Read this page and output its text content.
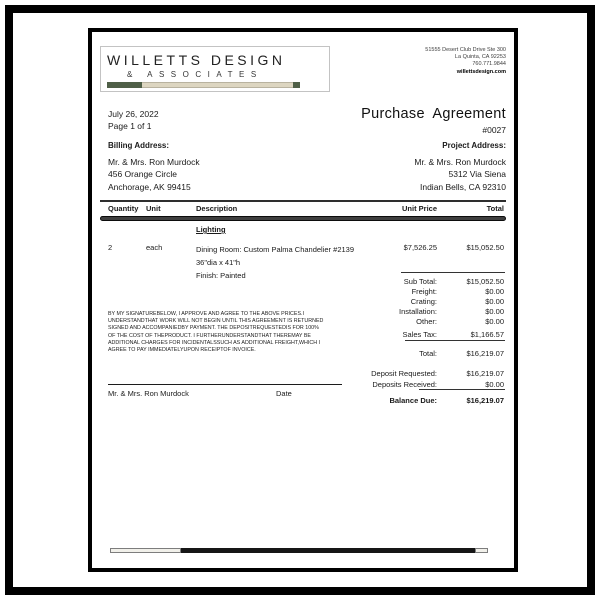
WILLETTS DESIGN
& ASSOCIATES
51555 Desert Club Drive Ste 300
La Quinta, CA 92253
760.771.9844
willettsdesign.com
July 26, 2022
Page 1 of 1
Purchase Agreement
#0027
Billing Address:
Mr. & Mrs. Ron Murdock
456 Orange Circle
Anchorage, AK 99415
Project Address:
Mr. & Mrs. Ron Murdock
5312 Via Siena
Indian Bells, CA 92310
Quantity Unit	Description	Unit Price	Total
Lighting
2	each	Dining Room: Custom Palma Chandelier #2139
36"dia x 41"h
Finish: Painted
$7,526.25	$15,052.50
Sub Total:	$15,052.50
Freight:	$0.00
Crating:	$0.00
Installation:	$0.00
Other:	$0.00
Sales Tax:	$1,166.57
Total:	$16,219.07
Deposit Requested:	$16,219.07
Deposits Received:	$0.00
Balance Due:	$16,219.07
BY MY SIGNATUREBELOW, I APPROVE AND AGREE TO THE ABOVE PRICES.I
UNDERSTANDTHAT WORK WILL NOT BEGIN UNTIL THIS AGREEMENT IS RETURNED
SIGNED AND ACCOMPANIEDBY PAYMENT. THE DEPOSITREQUESTEDIS FOR 100%
OF THE COST OF THEPRODUCT. I FURTHERUNDERSTANDTHAT THEREMAY BE
ADDITIONAL CHARGES FOR INCIDENTALSSUCH AS ADDITIONAL FREIGHT,WHICH I
AGREE TO PAY IMMEDIATELYUPON RECEIPTOF INVOICE.
Mr. & Mrs. Ron Murdock	Date
